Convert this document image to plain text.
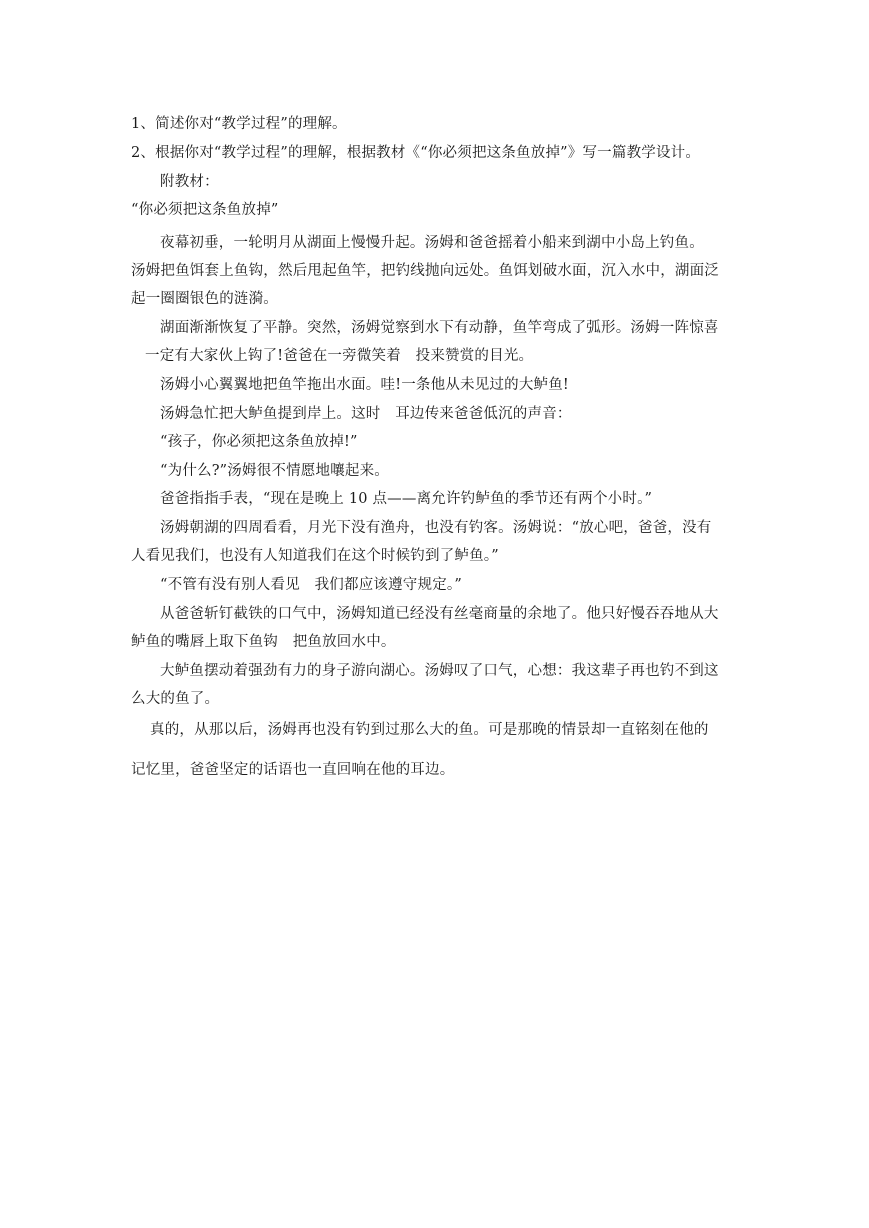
1、简述你对“教学过程”的理解。
2、根据你对“教学过程”的理解，根据教材《“你必须把这条鱼放掉”》写一篇教学设计。
附教材：
“你必须把这条鱼放掉”
夜幕初垂，一轮明月从湖面上慢慢升起。汤姆和爸爸摇着小船来到湖中小岛上钓鱼。
汤姆把鱼饵套上鱼钩，然后甩起鱼竿，把钓线抛向远处。鱼饵划破水面，沉入水中，湖面泛
起一圈圈银色的涟漪。
湖面渐渐恢复了平静。突然，汤姆觉察到水下有动静，鱼竿弯成了弧形。汤姆一阵惊喜
一定有大家伙上钩了!爸爸在一旁微笑着　投来赞赏的目光。
汤姆小心翼翼地把鱼竿拖出水面。哇!一条他从未见过的大鲈鱼!
汤姆急忙把大鲈鱼提到岸上。这时　耳边传来爸爸低沉的声音：
“孩子，你必须把这条鱼放掉!”
“为什么?”汤姆很不情愿地嚷起来。
爸爸指指手表，“现在是晚上 10 点——离允许钓鲈鱼的季节还有两个小时。”
汤姆朝湖的四周看看，月光下没有渔舟，也没有钓客。汤姆说：“放心吧，爸爸，没有
人看见我们，也没有人知道我们在这个时候钓到了鲈鱼。”
“不管有没有别人看见　我们都应该遵守规定。”
从爸爸斩钉截铁的口气中，汤姆知道已经没有丝毫商量的余地了。他只好慢吞吞地从大
鲈鱼的嘴唇上取下鱼钩　把鱼放回水中。
大鲈鱼摆动着强劲有力的身子游向湖心。汤姆叹了口气，心想：我这辈子再也钓不到这
么大的鱼了。
真的，从那以后，汤姆再也没有钓到过那么大的鱼。可是那晚的情景却一直铭刻在他的
记忆里，爸爸坚定的话语也一直回响在他的耳边。
